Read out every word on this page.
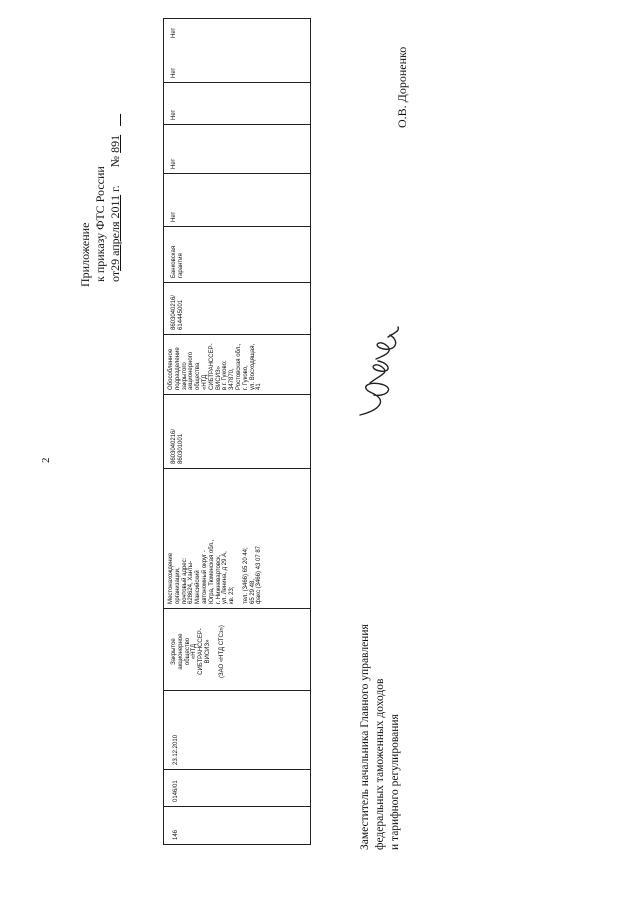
2
Приложение к приказу ФТС России от29 апреля 2011 г.      № 891
146
0146/01
23.12.2010
Закрытое акционерное общество «НТД СИБТРАНССЕР- ВИСИЗ»
(ЗАО «НТД СТСз»)
Местонахождение организации, почтовый адрес: 628624, Ханты- Мансийский автономный округ - Югра, Тюменская обл., г. Нижневартовск, ул. Ленина, д 29 А, кв. 23;
тел. (3466) 65 20 44; 65 29 48, факс (3466) 43 07 87
8603040216/ 860301001
Обособленное подразделение закрытого акционерного общества «НТД СИБТРАНССЕР- ВИСИЗ» в г. Гуково: 347870, Ростовская обл., г. Гуково, ул. Восходящая, 41
8603040216/ 614445001
Банковская гарантия
Нет
Нет
Нет
Нет
Нет
Заместитель начальника Главного управления федеральных таможенных доходов и тарифного регулирования
О.В. Дороненко
